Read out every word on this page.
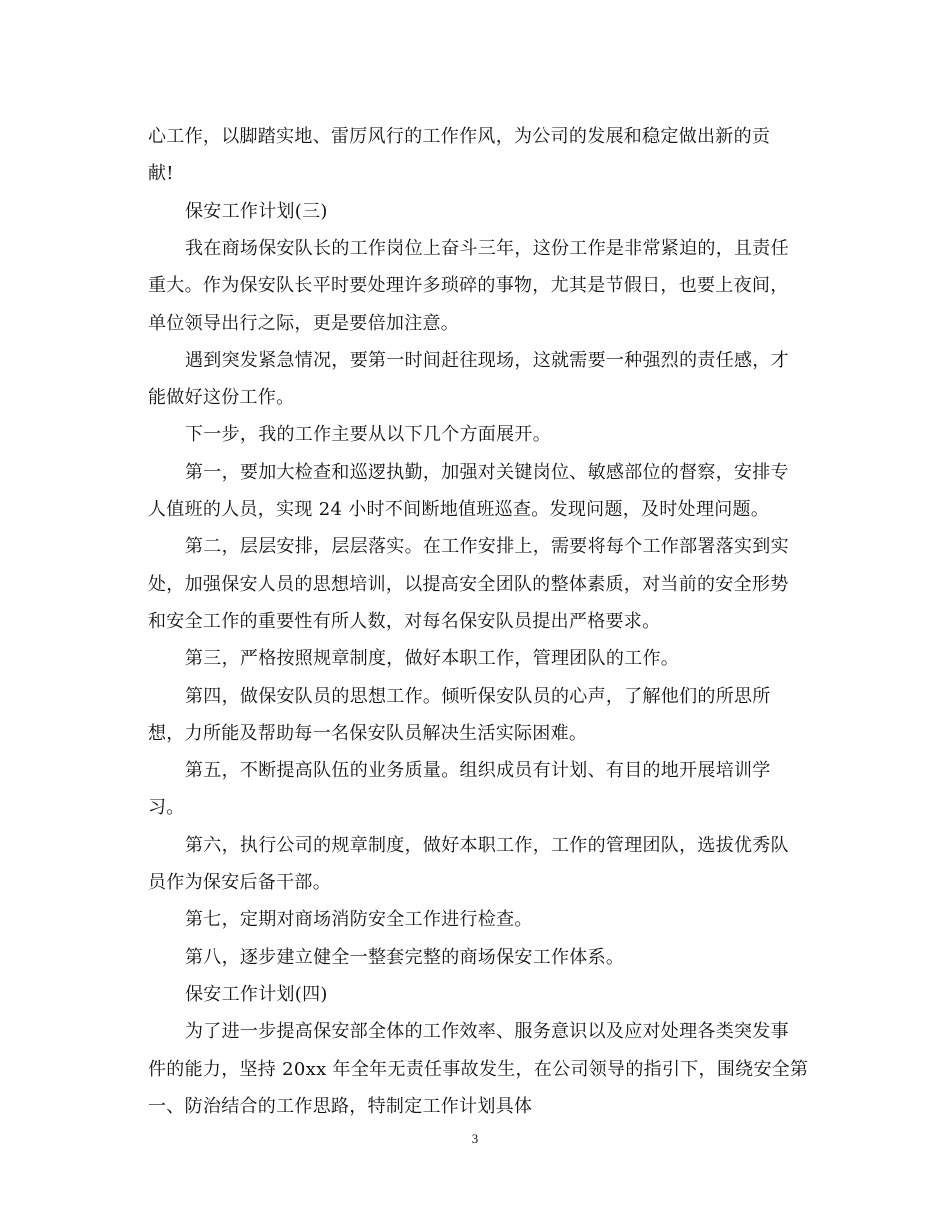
心工作，以脚踏实地、雷厉风行的工作作风，为公司的发展和稳定做出新的贡
献!
保安工作计划(三)
我在商场保安队长的工作岗位上奋斗三年，这份工作是非常紧迫的，且责任
重大。作为保安队长平时要处理许多琐碎的事物，尤其是节假日，也要上夜间，
单位领导出行之际，更是要倍加注意。
遇到突发紧急情况，要第一时间赶往现场，这就需要一种强烈的责任感，才
能做好这份工作。
下一步，我的工作主要从以下几个方面展开。
第一，要加大检查和巡逻执勤，加强对关键岗位、敏感部位的督察，安排专
人值班的人员，实现 24 小时不间断地值班巡查。发现问题，及时处理问题。
第二，层层安排，层层落实。在工作安排上，需要将每个工作部署落实到实
处，加强保安人员的思想培训，以提高安全团队的整体素质，对当前的安全形势
和安全工作的重要性有所人数，对每名保安队员提出严格要求。
第三，严格按照规章制度，做好本职工作，管理团队的工作。
第四，做保安队员的思想工作。倾听保安队员的心声，了解他们的所思所
想，力所能及帮助每一名保安队员解决生活实际困难。
第五，不断提高队伍的业务质量。组织成员有计划、有目的地开展培训学
习。
第六，执行公司的规章制度，做好本职工作，工作的管理团队，选拔优秀队
员作为保安后备干部。
第七，定期对商场消防安全工作进行检查。
第八，逐步建立健全一整套完整的商场保安工作体系。
保安工作计划(四)
为了进一步提高保安部全体的工作效率、服务意识以及应对处理各类突发事
件的能力，坚持 20xx 年全年无责任事故发生，在公司领导的指引下，围绕安全第
一、防治结合的工作思路，特制定工作计划具体
3
